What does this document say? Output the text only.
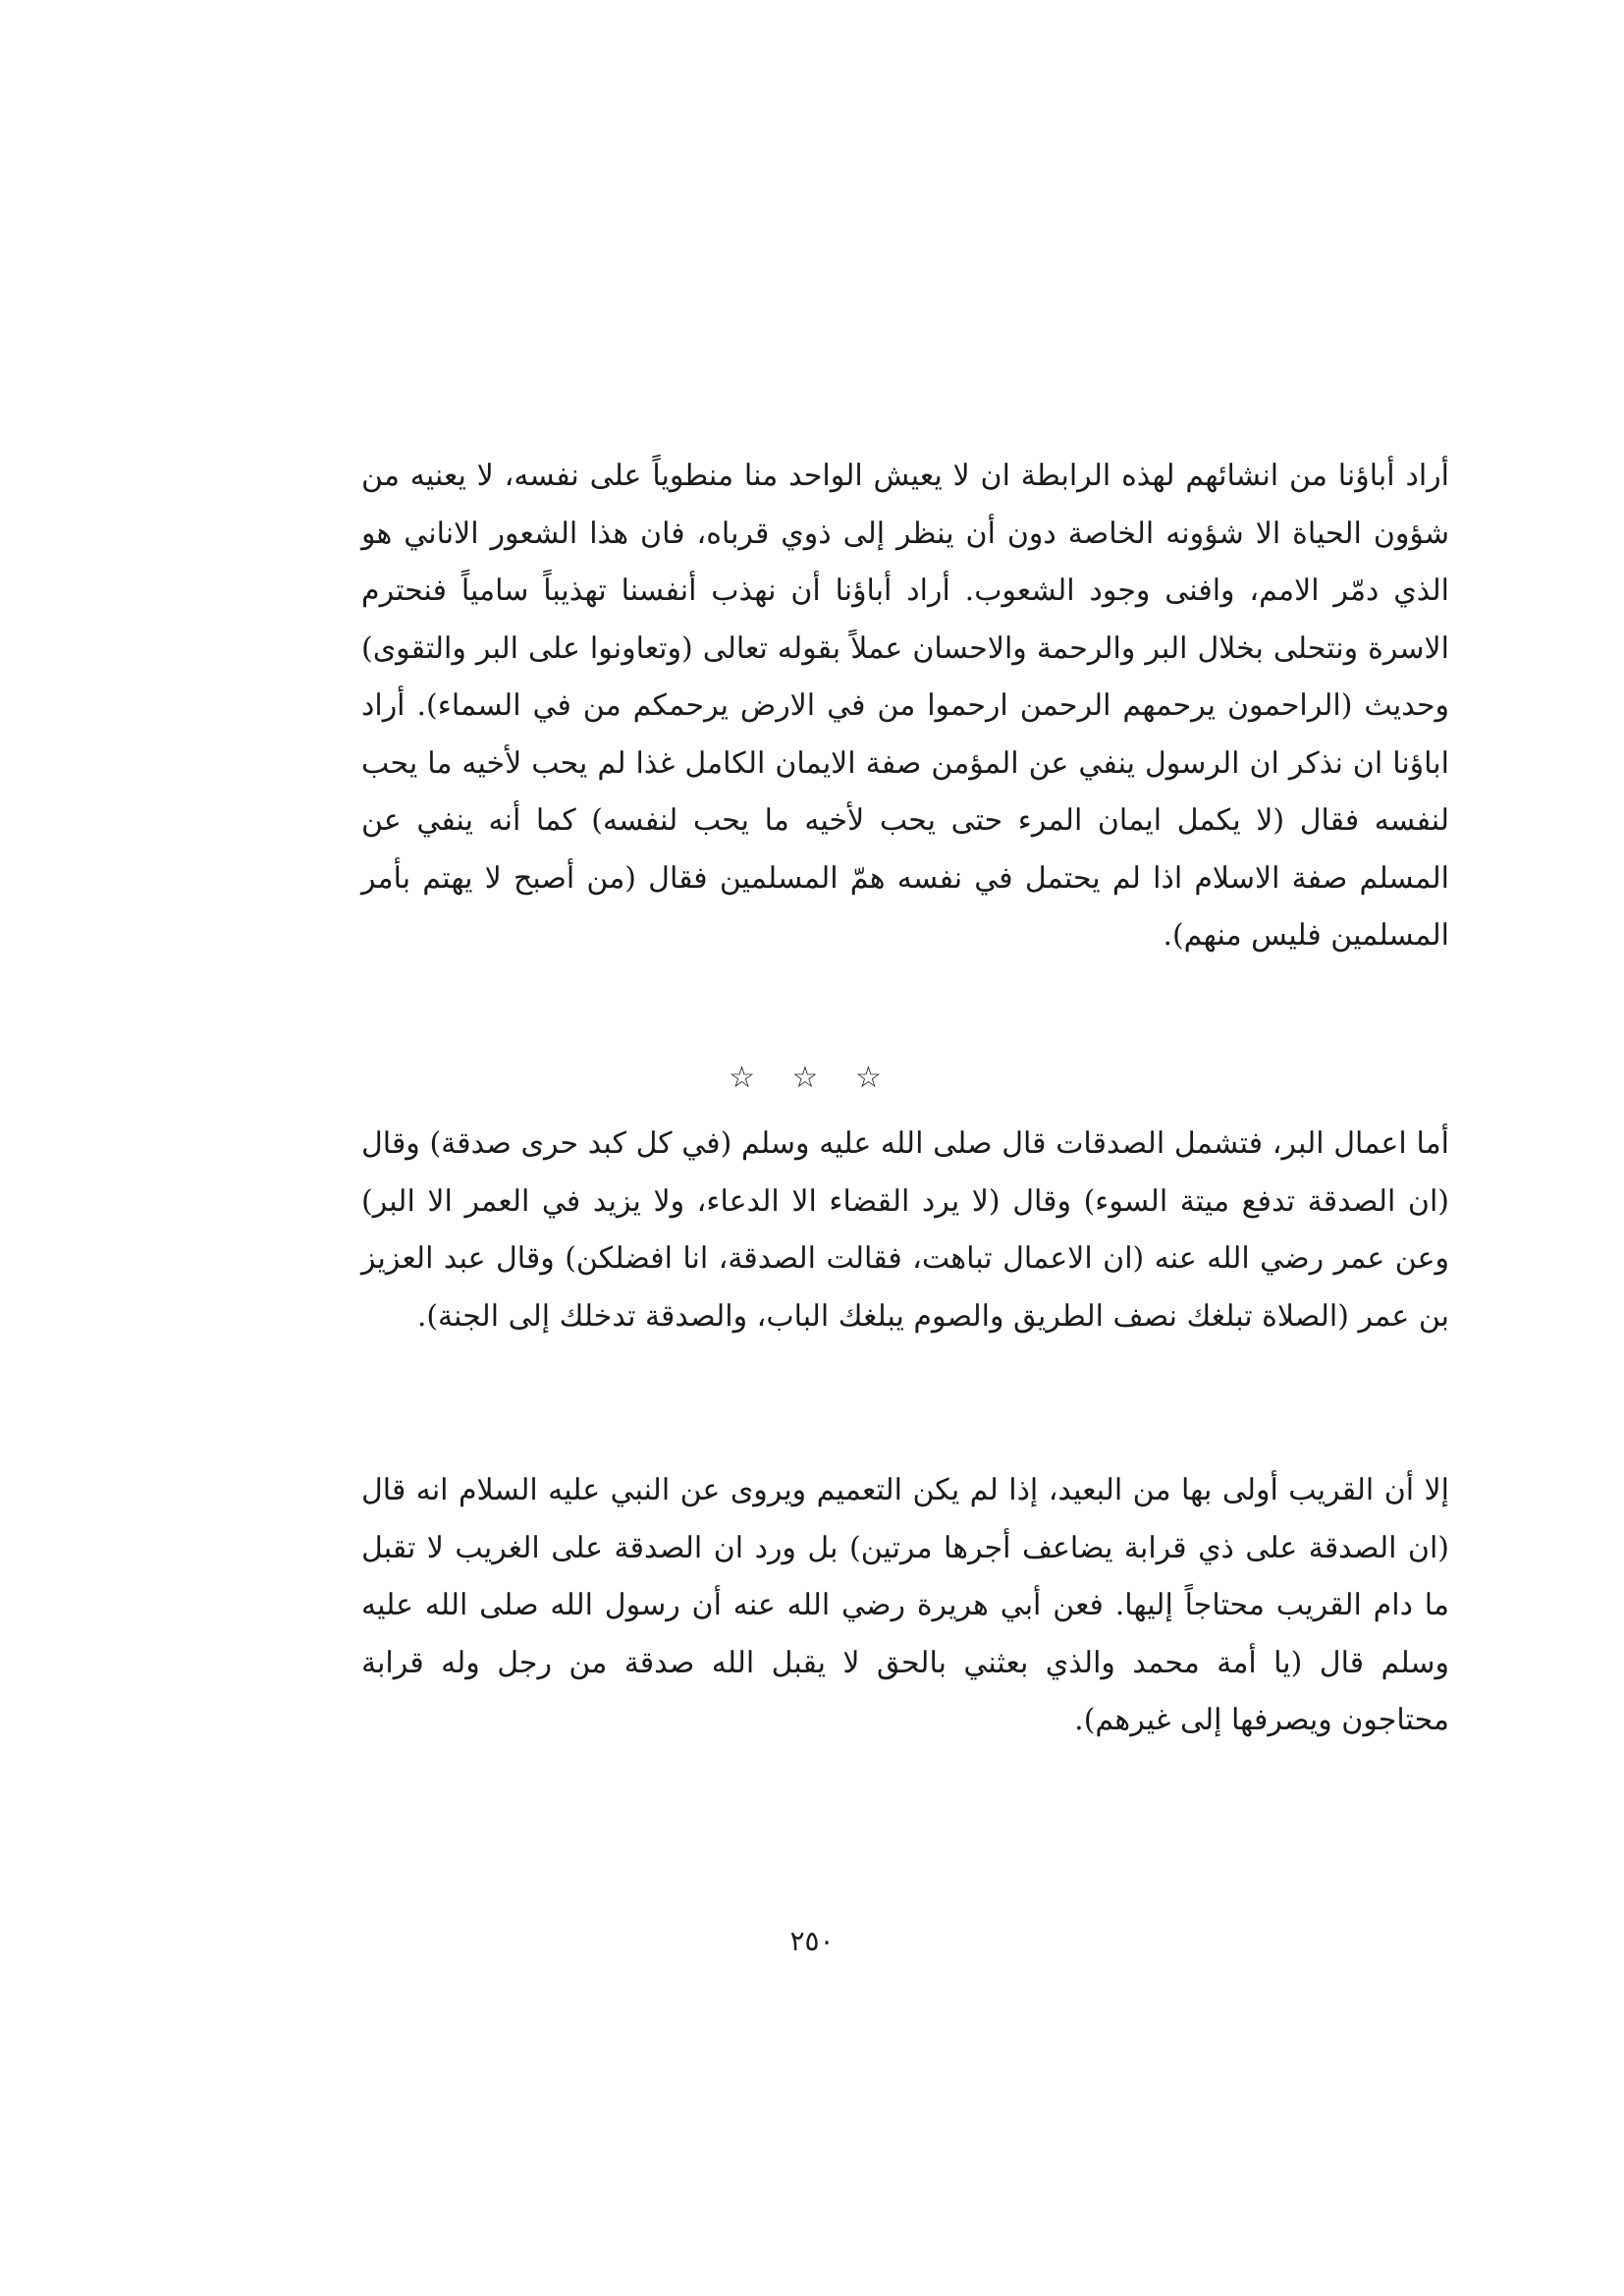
أراد أباؤنا من انشائهم لهذه الرابطة ان لا يعيش الواحد منا منطوياً على نفسه، لا يعنيه من شؤون الحياة الا شؤونه الخاصة دون أن ينظر إلى ذوي قرباه، فان هذا الشعور الاناني هو الذي دمّر الامم، وافنى وجود الشعوب. أراد أباؤنا أن نهذب أنفسنا تهذيباً سامياً فنحترم الاسرة ونتحلى بخلال البر والرحمة والاحسان عملاً بقوله تعالى (وتعاونوا على البر والتقوى) وحديث (الراحمون يرحمهم الرحمن ارحموا من في الارض يرحمكم من في السماء). أراد اباؤنا ان نذكر ان الرسول ينفي عن المؤمن صفة الايمان الكامل غذا لم يحب لأخيه ما يحب لنفسه فقال (لا يكمل ايمان المرء حتى يحب لأخيه ما يحب لنفسه) كما أنه ينفي عن المسلم صفة الاسلام اذا لم يحتمل في نفسه همّ المسلمين فقال (من أصبح لا يهتم بأمر المسلمين فليس منهم).

☆ ☆ ☆

أما اعمال البر، فتشمل الصدقات قال صلى الله عليه وسلم (في كل كبد حرى صدقة) وقال (ان الصدقة تدفع ميتة السوء) وقال (لا يرد القضاء الا الدعاء، ولا يزيد في العمر الا البر) وعن عمر رضي الله عنه (ان الاعمال تباهت، فقالت الصدقة، انا افضلكن) وقال عبد العزيز بن عمر (الصلاة تبلغك نصف الطريق والصوم يبلغك الباب، والصدقة تدخلك إلى الجنة).

إلا أن القريب أولى بها من البعيد، إذا لم يكن التعميم ويروى عن النبي عليه السلام انه قال (ان الصدقة على ذي قرابة يضاعف أجرها مرتين) بل ورد ان الصدقة على الغريب لا تقبل ما دام القريب محتاجاً إليها. فعن أبي هريرة رضي الله عنه أن رسول الله صلى الله عليه وسلم قال (يا أمة محمد والذي بعثني بالحق لا يقبل الله صدقة من رجل وله قرابة محتاجون ويصرفها إلى غيرهم).

٢٥٠
